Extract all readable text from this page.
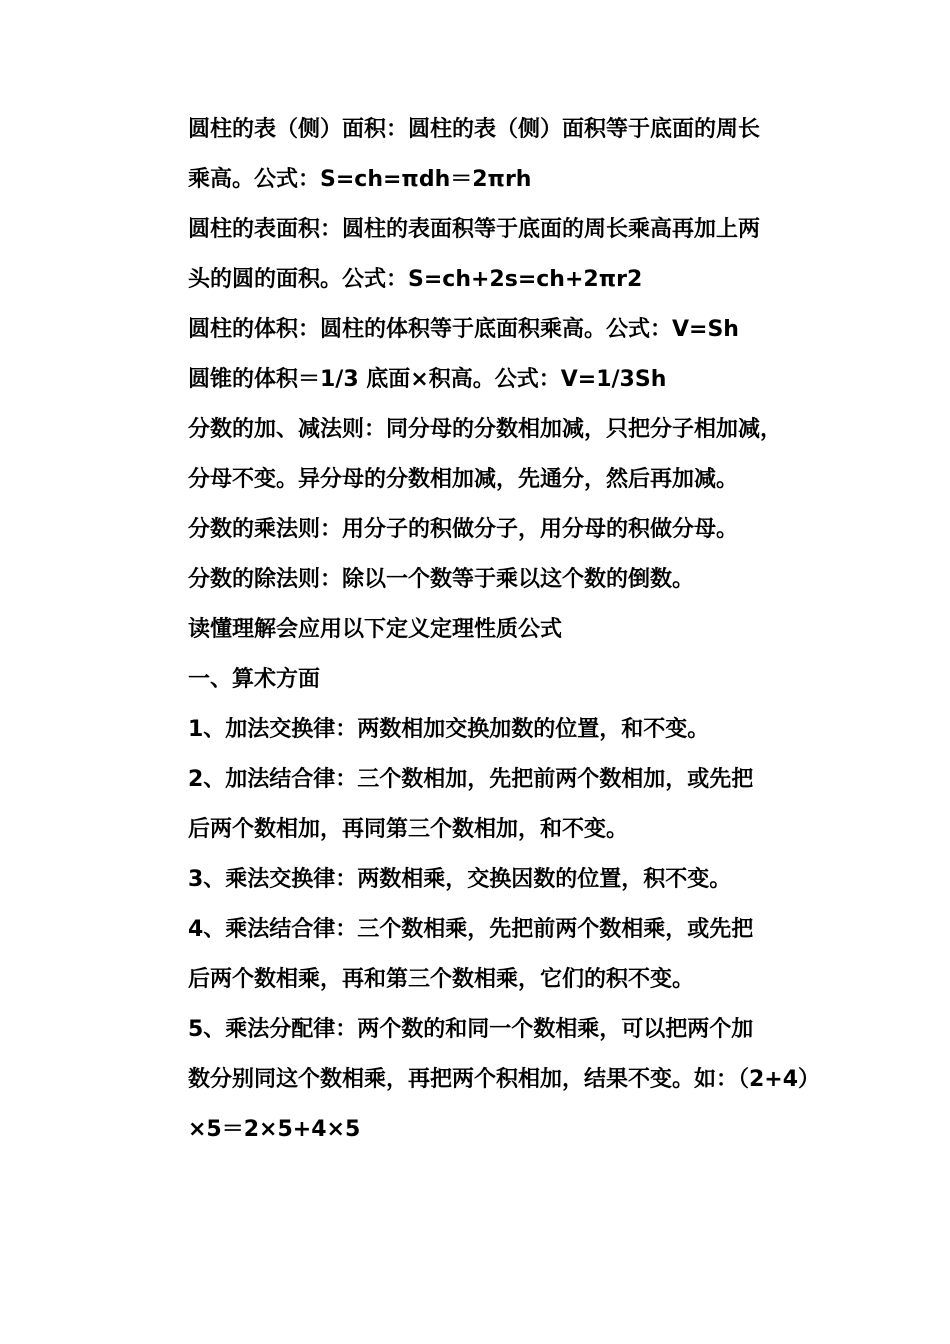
圆柱的表（侧）面积：圆柱的表（侧）面积等于底面的周长
乘高。公式：S=ch=πdh＝2πrh

圆柱的表面积：圆柱的表面积等于底面的周长乘高再加上两
头的圆的面积。公式：S=ch+2s=ch+2πr2

圆柱的体积：圆柱的体积等于底面积乘高。公式：V=Sh

圆锥的体积＝1/3 底面×积高。公式：V=1/3Sh

分数的加、减法则：同分母的分数相加减，只把分子相加减，
分母不变。异分母的分数相加减，先通分，然后再加减。

分数的乘法则：用分子的积做分子，用分母的积做分母。

分数的除法则：除以一个数等于乘以这个数的倒数。

读懂理解会应用以下定义定理性质公式

一、算术方面

1、加法交换律：两数相加交换加数的位置，和不变。

2、加法结合律：三个数相加，先把前两个数相加，或先把
后两个数相加，再同第三个数相加，和不变。

3、乘法交换律：两数相乘，交换因数的位置，积不变。

4、乘法结合律：三个数相乘，先把前两个数相乘，或先把
后两个数相乘，再和第三个数相乘，它们的积不变。

5、乘法分配律：两个数的和同一个数相乘，可以把两个加
数分别同这个数相乘，再把两个积相加，结果不变。如：（2+4）
×5＝2×5+4×5
